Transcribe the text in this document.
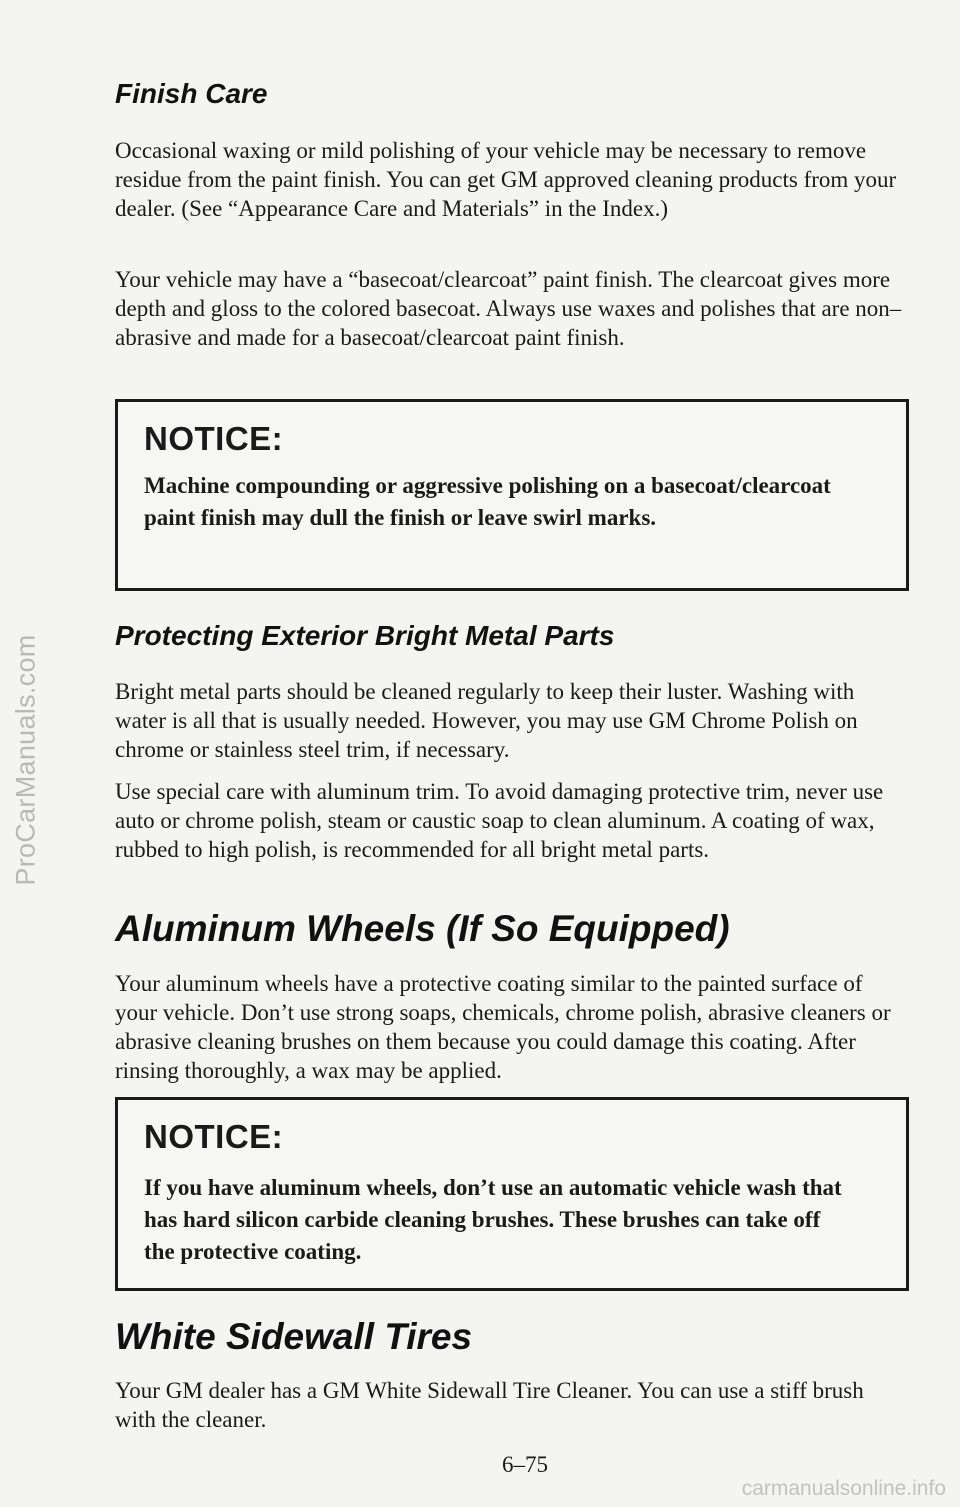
ProCarManuals.com
carmanualsonline.info
Finish Care

Occasional waxing or mild polishing of your vehicle may be necessary to remove residue from the paint finish. You can get GM approved cleaning products from your dealer. (See “Appearance Care and Materials” in the Index.)

Your vehicle may have a “basecoat/clearcoat” paint finish. The clearcoat gives more depth and gloss to the colored basecoat. Always use waxes and polishes that are non–abrasive and made for a basecoat/clearcoat paint finish.

NOTICE:
Machine compounding or aggressive polishing on a basecoat/clearcoat paint finish may dull the finish or leave swirl marks.
Protecting Exterior Bright Metal Parts

Bright metal parts should be cleaned regularly to keep their luster. Washing with water is all that is usually needed. However, you may use GM Chrome Polish on chrome or stainless steel trim, if necessary.

Use special care with aluminum trim. To avoid damaging protective trim, never use auto or chrome polish, steam or caustic soap to clean aluminum. A coating of wax, rubbed to high polish, is recommended for all bright metal parts.

Aluminum Wheels (If So Equipped)

Your aluminum wheels have a protective coating similar to the painted surface of your vehicle. Don’t use strong soaps, chemicals, chrome polish, abrasive cleaners or abrasive cleaning brushes on them because you could damage this coating. After rinsing thoroughly, a wax may be applied.

NOTICE:
If you have aluminum wheels, don’t use an automatic vehicle wash that has hard silicon carbide cleaning brushes. These brushes can take off the protective coating.
White Sidewall Tires

Your GM dealer has a GM White Sidewall Tire Cleaner. You can use a stiff brush with the cleaner.

6–75
